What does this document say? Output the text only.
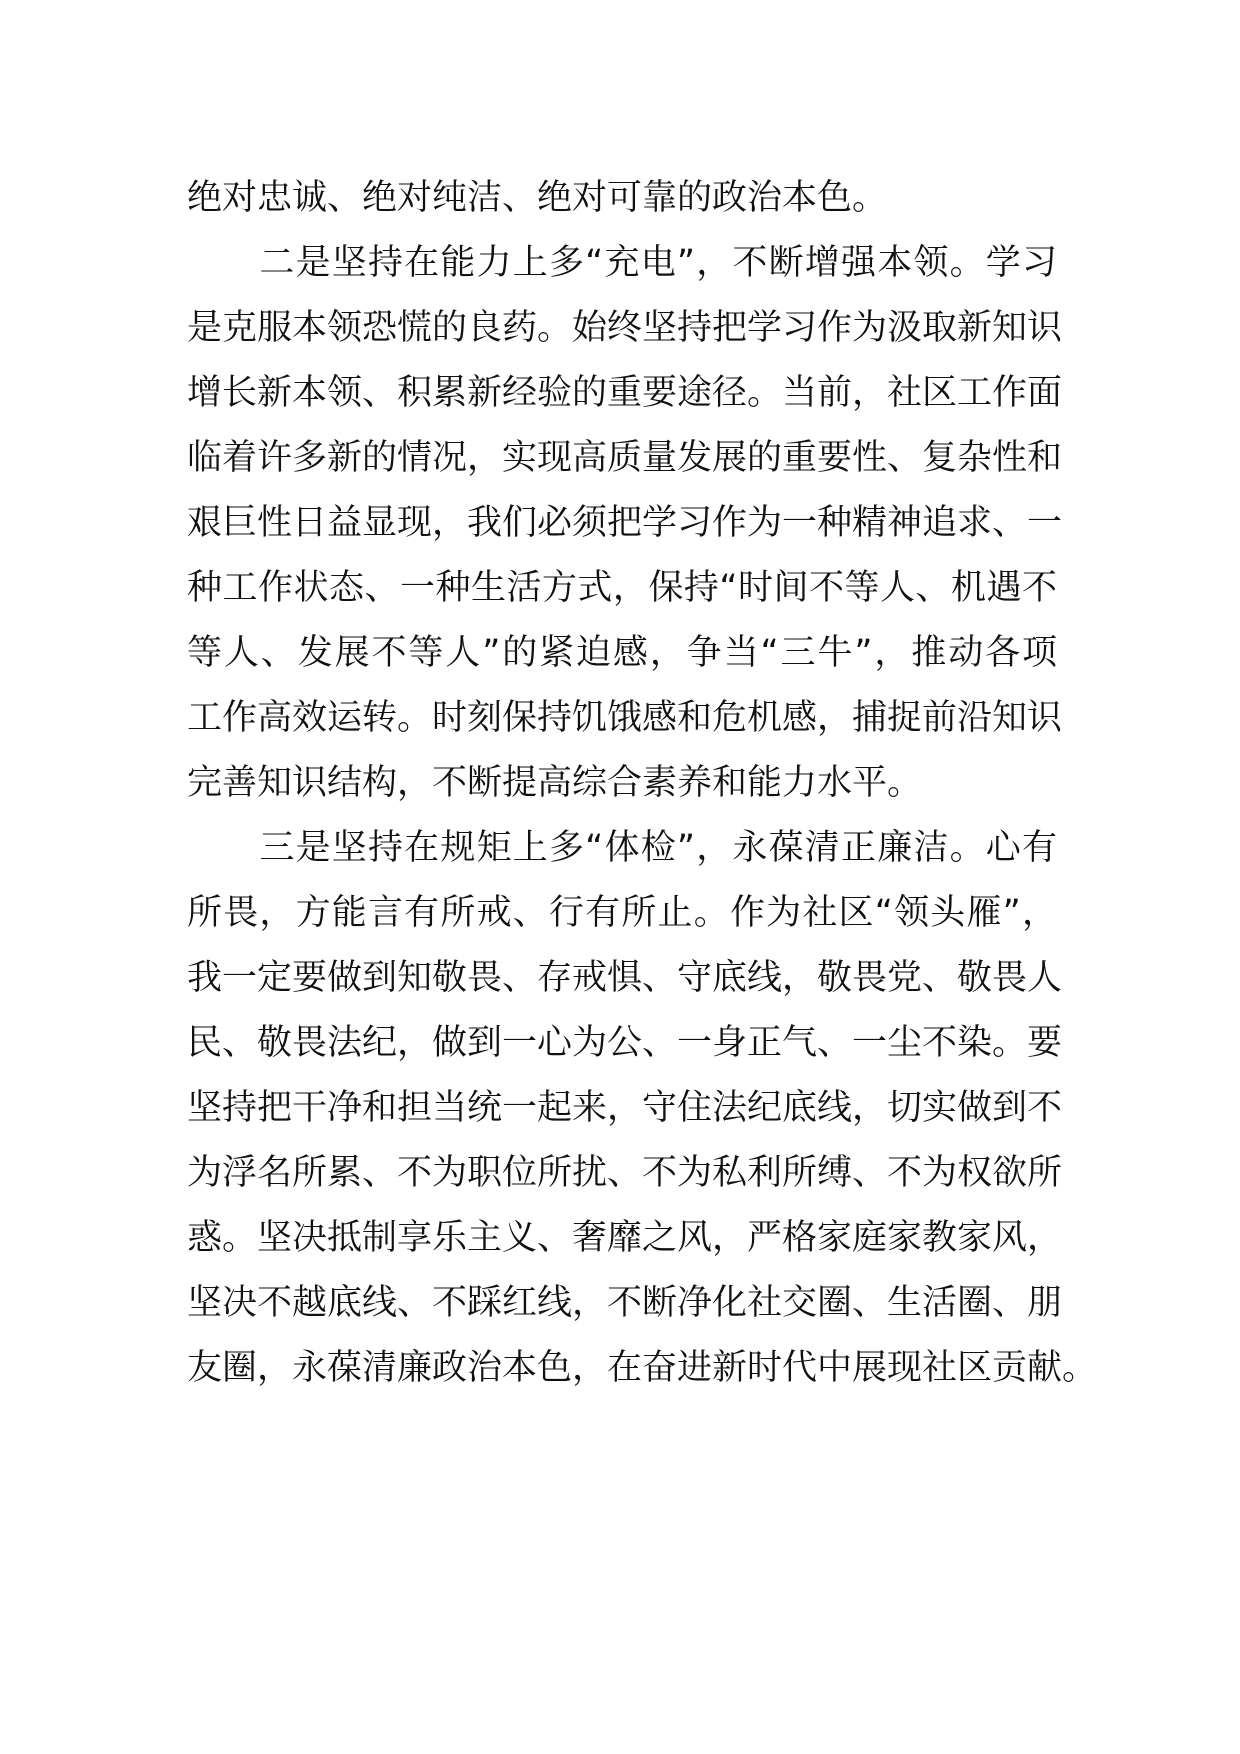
绝对忠诚、绝对纯洁、绝对可靠的政治本色。
　　二是坚持在能力上多“充电”，不断增强本领。学习
是克服本领恐慌的良药。始终坚持把学习作为汲取新知识
增长新本领、积累新经验的重要途径。当前，社区工作面
临着许多新的情况，实现高质量发展的重要性、复杂性和
艰巨性日益显现，我们必须把学习作为一种精神追求、一
种工作状态、一种生活方式，保持“时间不等人、机遇不
等人、发展不等人”的紧迫感，争当“三牛”，推动各项
工作高效运转。时刻保持饥饿感和危机感，捕捉前沿知识
完善知识结构，不断提高综合素养和能力水平。
　　三是坚持在规矩上多“体检”，永葆清正廉洁。心有
所畏，方能言有所戒、行有所止。作为社区“领头雁”，
我一定要做到知敬畏、存戒惧、守底线，敬畏党、敬畏人
民、敬畏法纪，做到一心为公、一身正气、一尘不染。要
坚持把干净和担当统一起来，守住法纪底线，切实做到不
为浮名所累、不为职位所扰、不为私利所缚、不为权欲所
惑。坚决抵制享乐主义、奢靡之风，严格家庭家教家风，
坚决不越底线、不踩红线，不断净化社交圈、生活圈、朋
友圈，永葆清廉政治本色，在奋进新时代中展现社区贡献。
